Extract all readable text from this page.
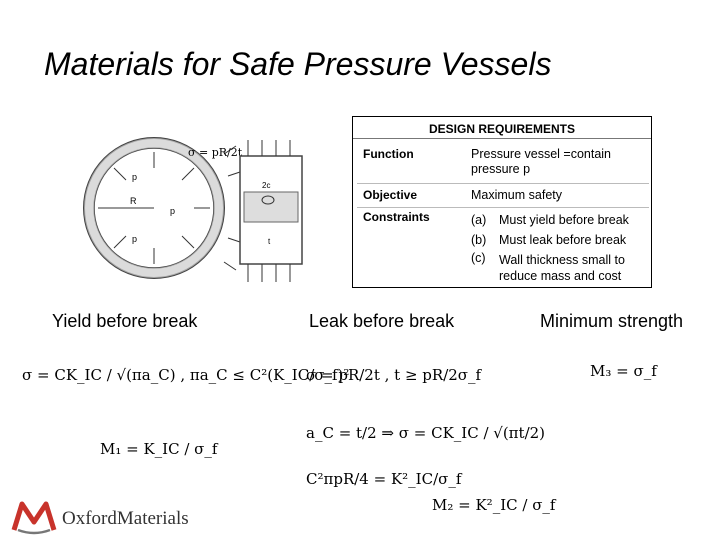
Materials for Safe Pressure Vessels
R
p
p
p
σ = pR/2t
2c
t
DESIGN REQUIREMENTS
Function	Pressure vessel =contain pressure p
Objective	Maximum safety
Constraints	(a) Must yield before break
(b) Must leak before break
(c) Wall thickness small to reduce mass and cost
Yield before break	Leak before break	Minimum strength
σ = CK_IC / √(πa_C) , πa_C ≤ C²(K_IC/σ_f)²
M₁ = K_IC / σ_f
σ = pR/2t , t ≥ pR/2σ_f
a_C = t/2 ⇒ σ = CK_IC / √(πt/2)
C²πpR/4 = K²_IC/σ_f
M₂ = K²_IC / σ_f
M₃ = σ_f
OxfordMaterials
